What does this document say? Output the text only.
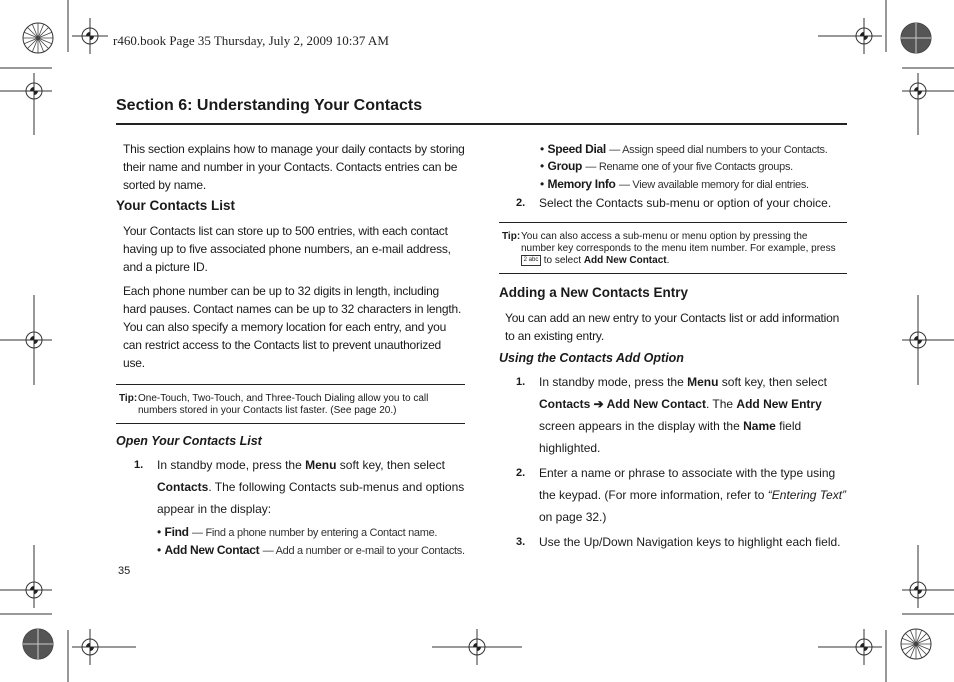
r460.book Page 35 Thursday, July 2, 2009 10:37 AM
Section 6: Understanding Your Contacts

This section explains how to manage your daily contacts by storing their name and number in your Contacts. Contacts entries can be sorted by name.

Your Contacts List

Your Contacts list can store up to 500 entries, with each contact having up to five associated phone numbers, an e-mail address, and a picture ID.

Each phone number can be up to 32 digits in length, including hard pauses. Contact names can be up to 32 characters in length. You can also specify a memory location for each entry, and you can restrict access to the Contacts list to prevent unauthorized use.

Tip: One-Touch, Two-Touch, and Three-Touch Dialing allow you to call numbers stored in your Contacts list faster. (See page 20.)
Open Your Contacts List
1. In standby mode, press the Menu soft key, then select
Contacts. The following Contacts sub-menus and options appear in the display:
• Find — Find a phone number by entering a Contact name.
• Add New Contact — Add a number or e-mail to your Contacts.
35
• Speed Dial — Assign speed dial numbers to your Contacts.
• Group — Rename one of your five Contacts groups.
• Memory Info — View available memory for dial entries.
2. Select the Contacts sub-menu or option of your choice.
Tip: You can also access a sub-menu or menu option by pressing the number key corresponds to the menu item number. For example, press
2 abc to select Add New Contact.
Adding a New Contacts Entry

You can add an new entry to your Contacts list or add information to an existing entry.

Using the Contacts Add Option
1. In standby mode, press the Menu soft key, then select
Contacts ➔ Add New Contact. The Add New Entry
screen appears in the display with the Name field
highlighted.
2. Enter a name or phrase to associate with the type using
the keypad. (For more information, refer to “Entering Text”
on page 32.)
3. Use the Up/Down Navigation keys to highlight each field.
